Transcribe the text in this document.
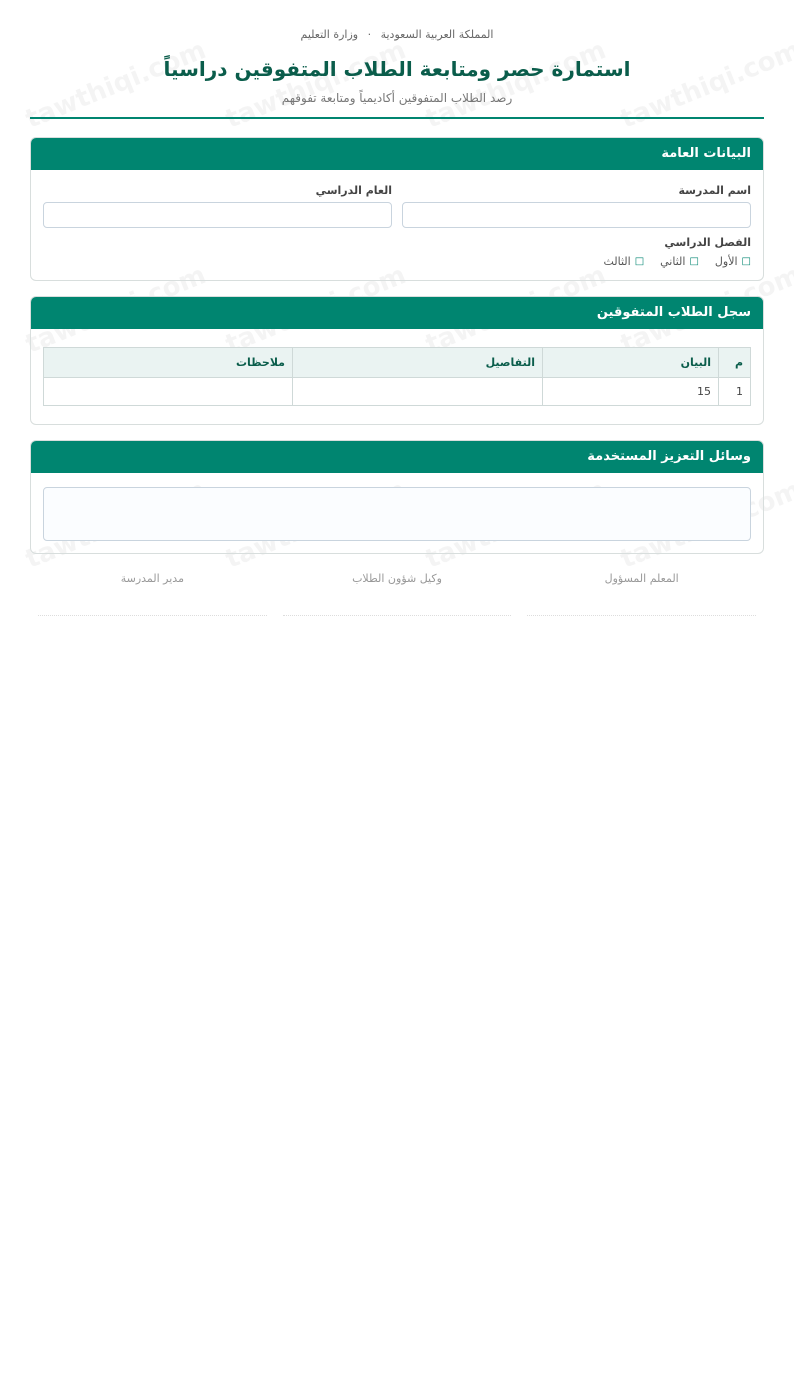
المملكة العربية السعودية · وزارة التعليم
استمارة حصر ومتابعة الطلاب المتفوقين دراسياً
رصد الطلاب المتفوقين أكاديمياً ومتابعة تفوقهم
البيانات العامة
اسم المدرسة
العام الدراسي
الفصل الدراسي
□
الأول
□
الثاني
□
الثالث
سجل الطلاب المتفوقين
م	البيان	التفاصيل	ملاحظات
1	15		
وسائل التعزيز المستخدمة
المعلم المسؤول
وكيل شؤون الطلاب
مدير المدرسة
